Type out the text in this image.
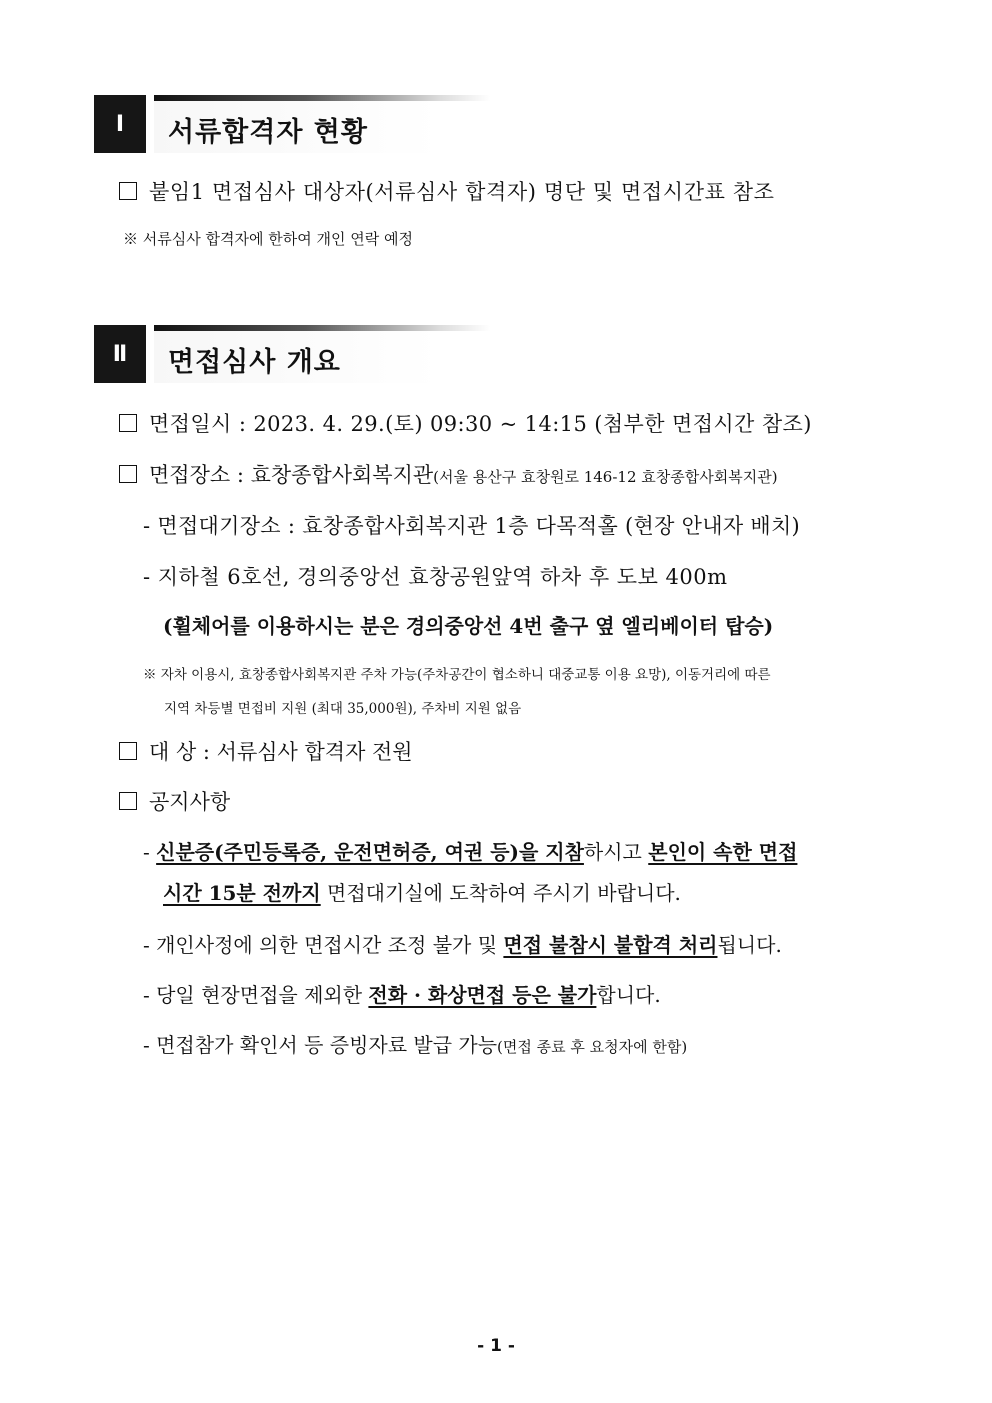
I	서류합격자 현황
붙임1 면접심사 대상자(서류심사 합격자) 명단 및 면접시간표 참조
※ 서류심사 합격자에 한하여 개인 연락 예정
Ⅱ	면접심사 개요
면접일시 : 2023. 4. 29.(토) 09:30 ~ 14:15 (첨부한 면접시간 참조)
면접장소 : 효창종합사회복지관(서울 용산구 효창원로 146-12 효창종합사회복지관)
- 면접대기장소 : 효창종합사회복지관 1층 다목적홀 (현장 안내자 배치)
- 지하철 6호선, 경의중앙선 효창공원앞역 하차 후 도보 400m
(휠체어를 이용하시는 분은 경의중앙선 4번 출구 옆 엘리베이터 탑승)
※ 자차 이용시, 효창종합사회복지관 주차 가능(주차공간이 협소하니 대중교통 이용 요망), 이동거리에 따른
지역 차등별 면접비 지원 (최대 35,000원), 주차비 지원 없음
대 상 : 서류심사 합격자 전원
공지사항
- 신분증(주민등록증, 운전면허증, 여권 등)을 지참하시고 본인이 속한 면접
시간 15분 전까지 면접대기실에 도착하여 주시기 바랍니다.
- 개인사정에 의한 면접시간 조정 불가 및 면접 불참시 불합격 처리됩니다.
- 당일 현장면접을 제외한 전화 · 화상면접 등은 불가합니다.
- 면접참가 확인서 등 증빙자료 발급 가능(면접 종료 후 요청자에 한함)
- 1 -
